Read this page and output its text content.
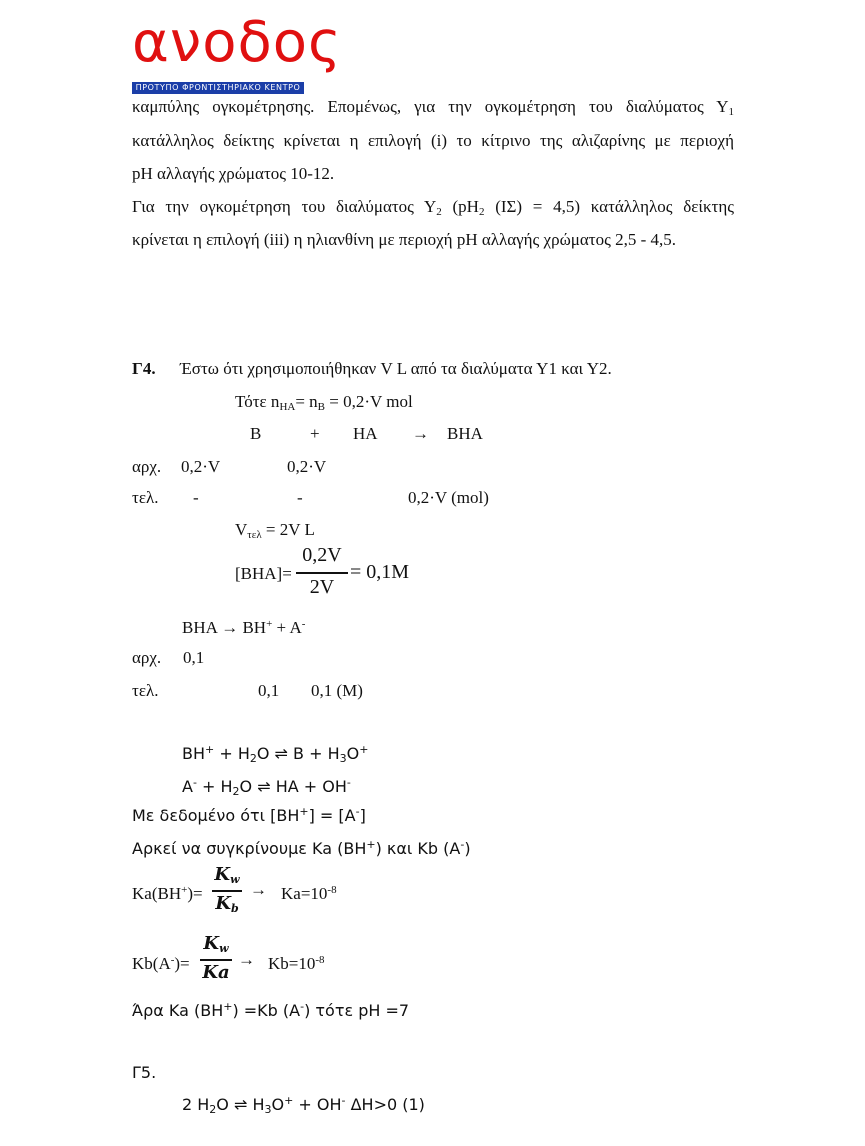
ανοδος
ΠΡΟΤΥΠΟ ΦΡΟΝΤΙΣΤΗΡΙΑΚΟ ΚΕΝΤΡΟ
καμπύλης ογκομέτρησης. Επομένως, για την ογκομέτρηση του διαλύματος $\Upsilon_1$
κατάλληλος δείκτης κρίνεται η επιλογή (i) το κίτρινο της αλιζαρίνης με περιοχή
pH αλλαγής χρώματος 10-12.
Για την ογκομέτρηση του διαλύματος $\Upsilon_2$ ($pH_2$ (ΙΣ) = 4,5) κατάλληλος δείκτης
κρίνεται η επιλογή (iii) η ηλιανθίνη με περιοχή pH αλλαγής χρώματος 2,5 - 4,5.
Γ4. Έστω ότι χρησιμοποιήθηκαν V L από τα διαλύματα Υ1 και Υ2.
Τότε $n_{HA}= n_B = 0,2\cdot V$ mol
B	+ HA → BHA
αρχ. 0,2·V	0,2·V
τελ. -	-	0,2·V (mol)
$V_{\tau\varepsilon\lambda} = 2V$ L
[BHA]=
0,2V
2V
= 0,1M
BHA → BH+ + A-
αρχ. 0,1
τελ.	0,1 0,1 (M)
$BH^+ + H_2O$ ⇌ $B + H_3O^+$
$A^- + H_2O$ ⇌ HA + OH-
Με δεδομένο ότι [BH+] = [A-]
Αρκεί να συγκρίνουμε Ka (BH+) και Kb (A-)
Ka(BH+)=
$K_w$
$K_b$
→ $Ka=10^{-8}$
Kb(A-)=
$K_w$
Ka
→ $Kb=10^{-8}$
Άρα Ka (BH+) =Kb (A-) τότε pH =7
Γ5.
2 $H_2O$ ⇌ $H_3O^+ + OH^-$ ΔH>0 (1)
